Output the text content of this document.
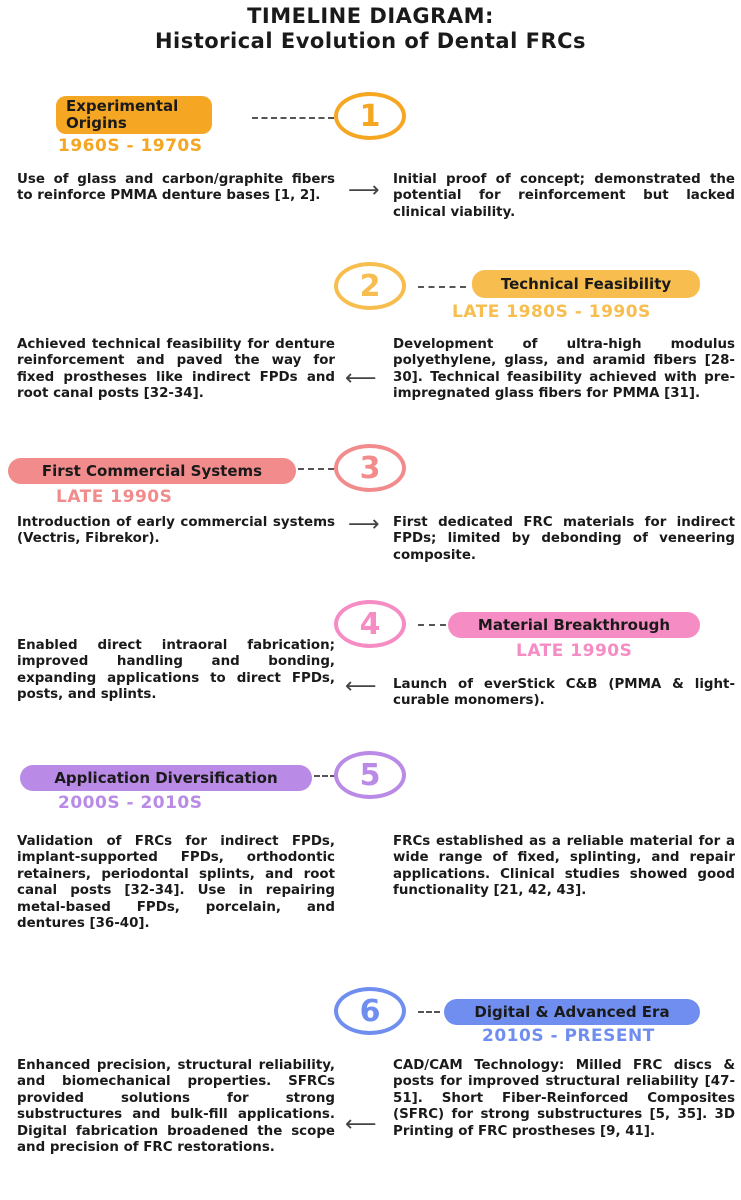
TIMELINE DIAGRAM:
Historical Evolution of Dental FRCs
Experimental Origins
1960S - 1970S
1

Use of glass and carbon/graphite fibers to reinforce PMMA denture bases [1, 2].	⟶ Initial proof of concept; demonstrated the potential for reinforcement but lacked clinical viability.

2	Technical Feasibility
LATE 1980S - 1990S

Achieved technical feasibility for denture reinforcement and paved the way for fixed prostheses like indirect FPDs and root canal posts [32-34].

⟵

Development of ultra-high modulus polyethylene, glass, and aramid fibers [28-30]. Technical feasibility achieved with pre-impregnated glass fibers for PMMA [31].

First Commercial Systems	3
LATE 1990S

Introduction of early commercial systems (Vectris, Fibrekor).

⟶ First dedicated FRC materials for indirect FPDs; limited by debonding of veneering composite.

4	Material Breakthrough
LATE 1990S

Enabled direct intraoral fabrication; improved handling and bonding, expanding applications to direct FPDs, posts, and splints.	⟵ Launch of everStick C&B (PMMA & light-curable monomers).

Application Diversification	5
2000S - 2010S

Validation of FRCs for indirect FPDs, implant-supported FPDs, orthodontic retainers, periodontal splints, and root canal posts [32-34]. Use in repairing metal-based FPDs, porcelain, and dentures [36-40].

FRCs established as a reliable material for a wide range of fixed, splinting, and repair applications. Clinical studies showed good functionality [21, 42, 43].

6	Digital & Advanced Era
2010S - PRESENT

Enhanced precision, structural reliability, and biomechanical properties. SFRCs provided solutions for strong substructures and bulk-fill applications. Digital fabrication broadened the scope and precision of FRC restorations.

⟵

CAD/CAM Technology: Milled FRC discs & posts for improved structural reliability [47-51]. Short Fiber-Reinforced Composites (SFRC) for strong substructures [5, 35]. 3D Printing of FRC prostheses [9, 41].
